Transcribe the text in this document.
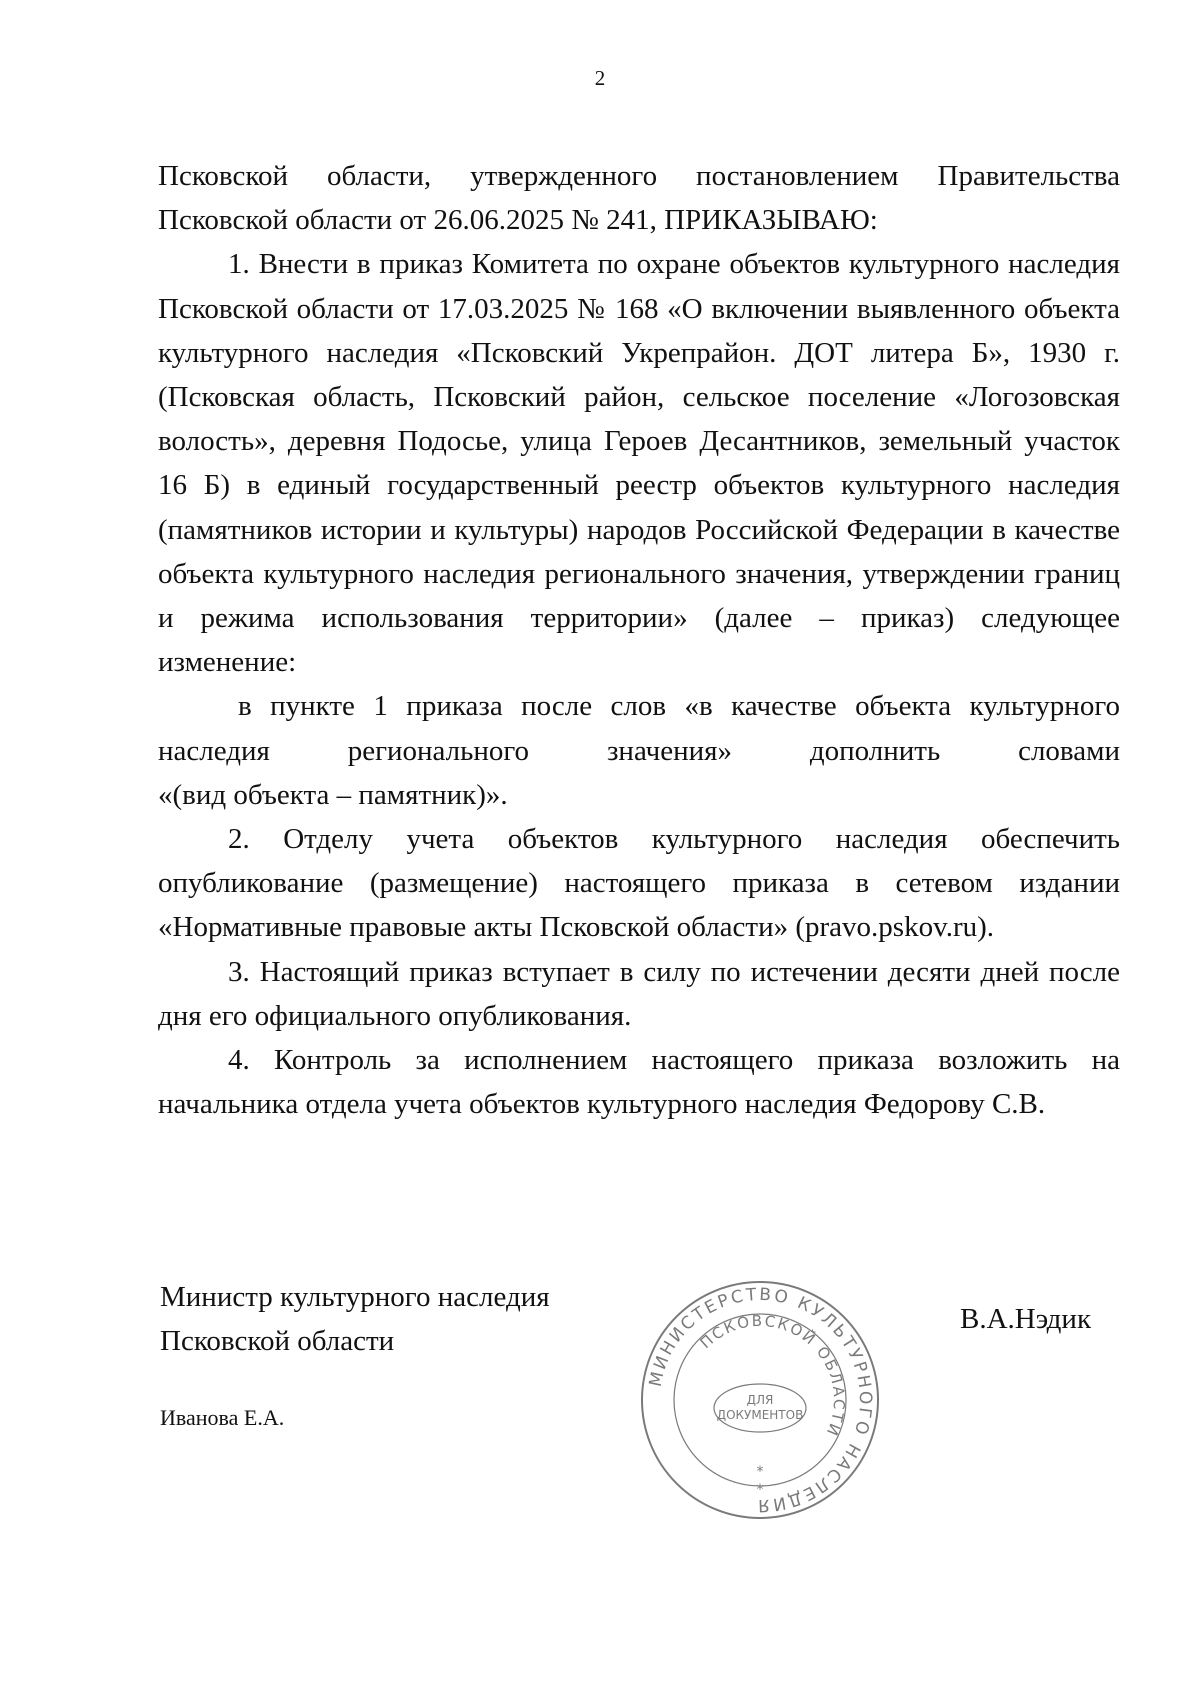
2

Псковской области, утвержденного постановлением Правительства Псковской области от 26.06.2025 № 241, ПРИКАЗЫВАЮ:

1. Внести в приказ Комитета по охране объектов культурного наследия Псковской области от 17.03.2025 № 168 «О включении выявленного объекта культурного наследия «Псковский Укрепрайон. ДОТ литера Б», 1930 г. (Псковская область, Псковский район, сельское поселение «Логозовская волость», деревня Подосье, улица Героев Десантников, земельный участок 16 Б) в единый государственный реестр объектов культурного наследия (памятников истории и культуры) народов Российской Федерации в качестве объекта культурного наследия регионального значения, утверждении границ и режима использования территории» (далее – приказ) следующее изменение:

в пункте 1 приказа после слов «в качестве объекта культурного наследия регионального значения» дополнить словами

«(вид объекта – памятник)».

2. Отделу учета объектов культурного наследия обеспечить опубликование (размещение) настоящего приказа в сетевом издании «Нормативные правовые акты Псковской области» (pravo.pskov.ru).

3. Настоящий приказ вступает в силу по истечении десяти дней после дня его официального опубликования.

4. Контроль за исполнением настоящего приказа возложить на начальника отдела учета объектов культурного наследия Федорову С.В.

Министр культурного наследия
Псковской области
МИНИСТЕРСТВО КУЛЬТУРНОГО НАСЛЕДИЯ
ПСКОВСКОЙ ОБЛАСТИ
ДЛЯ
ДОКУМЕНТОВ
*
*
В.А.Нэдик
Иванова Е.А.
